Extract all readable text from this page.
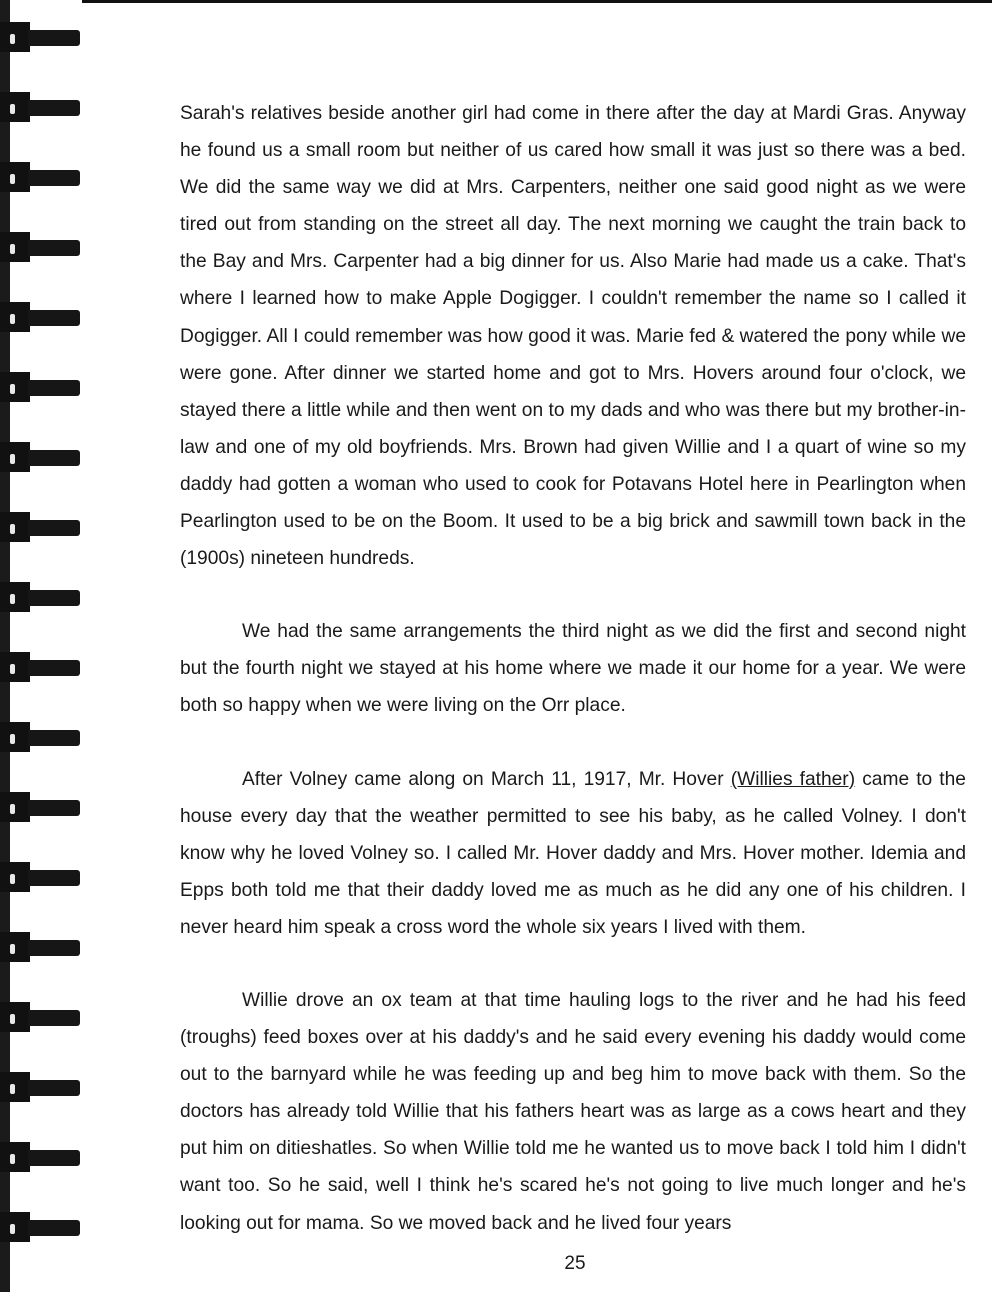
Sarah's relatives beside another girl had come in there after the day at Mardi Gras. Anyway he found us a small room but neither of us cared how small it was just so there was a bed. We did the same way we did at Mrs. Carpenters, neither one said good night as we were tired out from standing on the street all day. The next morning we caught the train back to the Bay and Mrs. Carpenter had a big dinner for us. Also Marie had made us a cake. That's where I learned how to make Apple Dogigger. I couldn't remember the name so I called it Dogigger. All I could remember was how good it was. Marie fed & watered the pony while we were gone. After dinner we started home and got to Mrs. Hovers around four o'clock, we stayed there a little while and then went on to my dads and who was there but my brother-in-law and one of my old boyfriends. Mrs. Brown had given Willie and I a quart of wine so my daddy had gotten a woman who used to cook for Potavans Hotel here in Pearlington when Pearlington used to be on the Boom. It used to be a big brick and sawmill town back in the (1900s) nineteen hundreds.

We had the same arrangements the third night as we did the first and second night but the fourth night we stayed at his home where we made it our home for a year. We were both so happy when we were living on the Orr place.

After Volney came along on March 11, 1917, Mr. Hover (Willies father) came to the house every day that the weather permitted to see his baby, as he called Volney. I don't know why he loved Volney so. I called Mr. Hover daddy and Mrs. Hover mother. Idemia and Epps both told me that their daddy loved me as much as he did any one of his children. I never heard him speak a cross word the whole six years I lived with them.

Willie drove an ox team at that time hauling logs to the river and he had his feed (troughs) feed boxes over at his daddy's and he said every evening his daddy would come out to the barnyard while he was feeding up and beg him to move back with them. So the doctors has already told Willie that his fathers heart was as large as a cows heart and they put him on ditieshatles. So when Willie told me he wanted us to move back I told him I didn't want too. So he said, well I think he's scared he's not going to live much longer and he's looking out for mama. So we moved back and he lived four years

25
